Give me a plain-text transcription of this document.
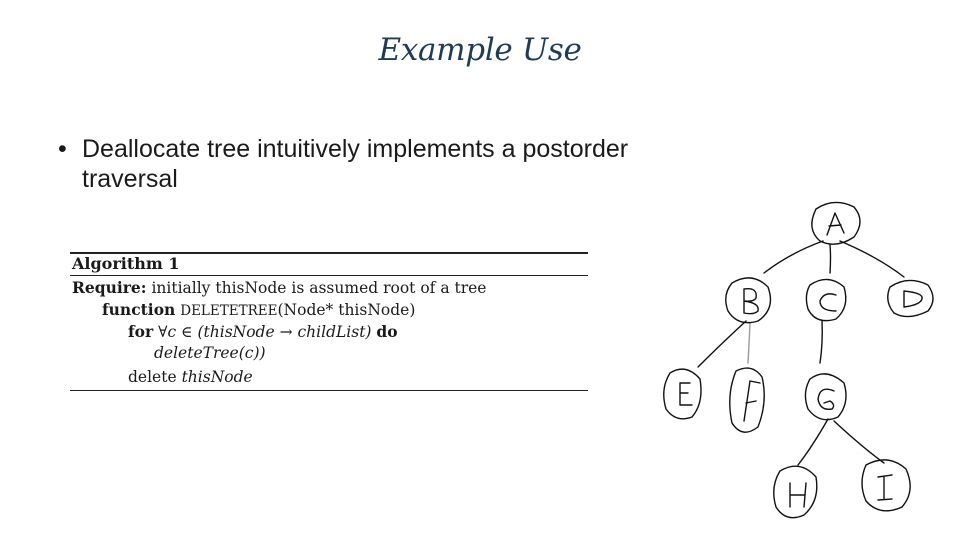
Example Use
• Deallocate tree intuitively implements a postorder
traversal
Algorithm 1
Require: initially thisNode is assumed root of a tree
function DELETETREE(Node* thisNode)
for ∀c ∈ (thisNode → childList) do
deleteTree(c))
delete thisNode
